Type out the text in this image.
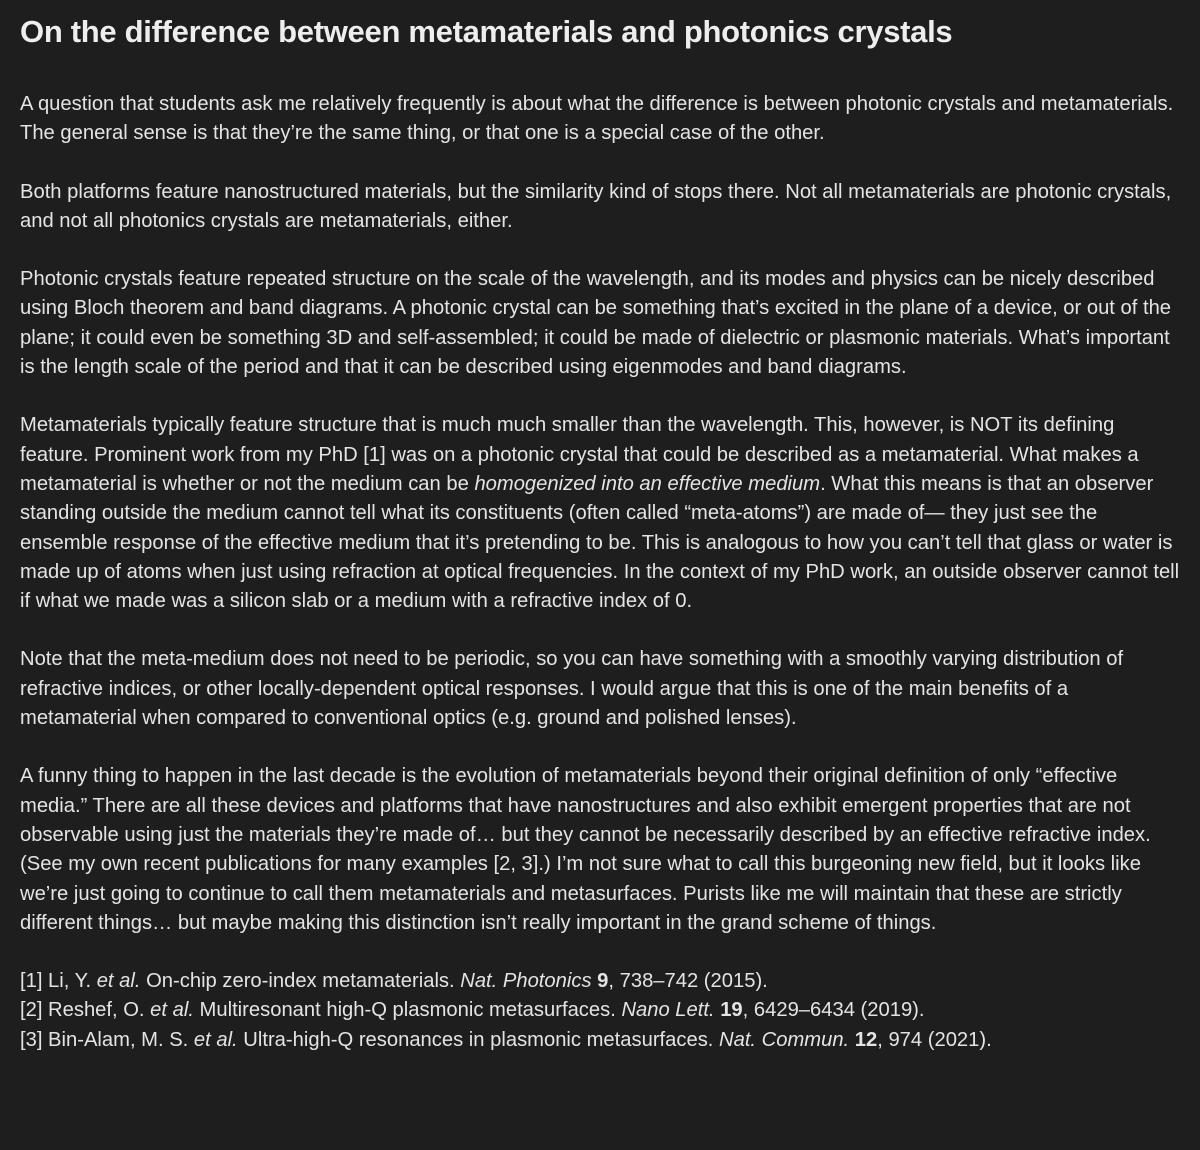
On the difference between metamaterials and photonics crystals

A question that students ask me relatively frequently is about what the difference is between photonic crystals and metamaterials. The general sense is that they’re the same thing, or that one is a special case of the other.

Both platforms feature nanostructured materials, but the similarity kind of stops there. Not all metamaterials are photonic crystals, and not all photonics crystals are metamaterials, either.

Photonic crystals feature repeated structure on the scale of the wavelength, and its modes and physics can be nicely described using Bloch theorem and band diagrams. A photonic crystal can be something that’s excited in the plane of a device, or out of the plane; it could even be something 3D and self-assembled; it could be made of dielectric or plasmonic materials. What’s important is the length scale of the period and that it can be described using eigenmodes and band diagrams.

Metamaterials typically feature structure that is much much smaller than the wavelength. This, however, is NOT its defining feature. Prominent work from my PhD [1] was on a photonic crystal that could be described as a metamaterial. What makes a metamaterial is whether or not the medium can be homogenized into an effective medium. What this means is that an observer standing outside the medium cannot tell what its constituents (often called “meta-atoms”) are made of— they just see the ensemble response of the effective medium that it’s pretending to be. This is analogous to how you can’t tell that glass or water is made up of atoms when just using refraction at optical frequencies. In the context of my PhD work, an outside observer cannot tell if what we made was a silicon slab or a medium with a refractive index of 0.

Note that the meta-medium does not need to be periodic, so you can have something with a smoothly varying distribution of refractive indices, or other locally-dependent optical responses. I would argue that this is one of the main benefits of a metamaterial when compared to conventional optics (e.g. ground and polished lenses).

A funny thing to happen in the last decade is the evolution of metamaterials beyond their original definition of only “effective media.” There are all these devices and platforms that have nanostructures and also exhibit emergent properties that are not observable using just the materials they’re made of… but they cannot be necessarily described by an effective refractive index. (See my own recent publications for many examples [2, 3].) I’m not sure what to call this burgeoning new field, but it looks like we’re just going to continue to call them metamaterials and metasurfaces. Purists like me will maintain that these are strictly different things… but maybe making this distinction isn’t really important in the grand scheme of things.

[1] Li, Y. et al. On-chip zero-index metamaterials. Nat. Photonics 9, 738–742 (2015).
[2] Reshef, O. et al. Multiresonant high-Q plasmonic metasurfaces. Nano Lett. 19, 6429–6434 (2019).
[3] Bin-Alam, M. S. et al. Ultra-high-Q resonances in plasmonic metasurfaces. Nat. Commun. 12, 974 (2021).
